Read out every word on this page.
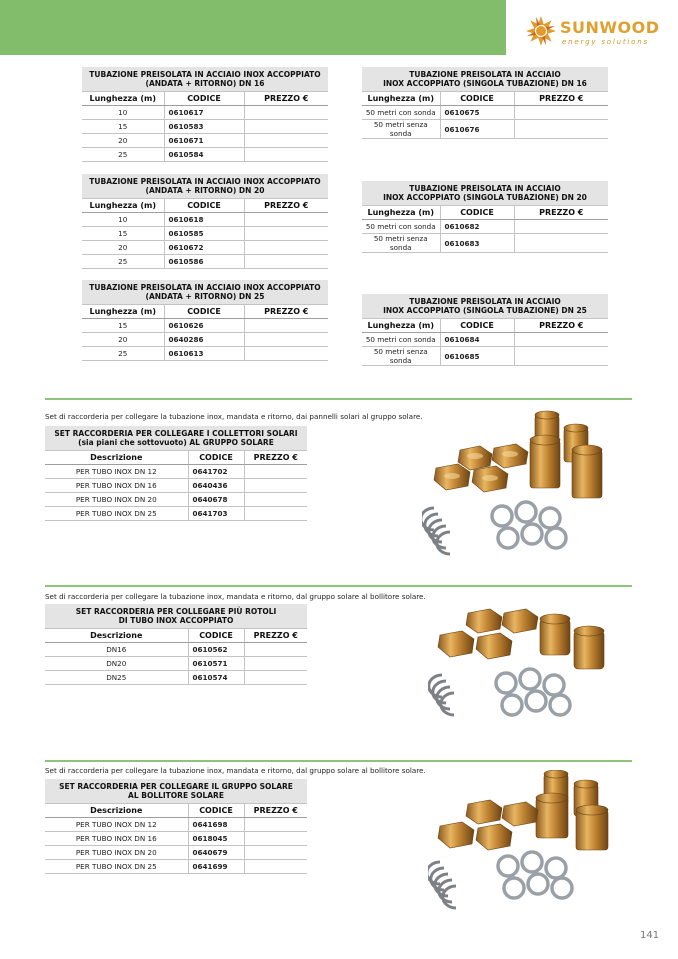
SUNWOOD
energy solutions
TUBAZIONE PREISOLATA IN ACCIAIO INOX ACCOPPIATO
(ANDATA + RITORNO) DN 16		
Lunghezza (m)	CODICE	PREZZO €
10	0610617	
15	0610583	
20	0610671	
25	0610584	
TUBAZIONE PREISOLATA IN ACCIAIO INOX ACCOPPIATO
(ANDATA + RITORNO) DN 20		
Lunghezza (m)	CODICE	PREZZO €
10	0610618	
15	0610585	
20	0610672	
25	0610586	
TUBAZIONE PREISOLATA IN ACCIAIO INOX ACCOPPIATO
(ANDATA + RITORNO) DN 25		
Lunghezza (m)	CODICE	PREZZO €
15	0610626	
20	0640286	
25	0610613	
TUBAZIONE PREISOLATA IN ACCIAIO
INOX ACCOPPIATO (SINGOLA TUBAZIONE) DN 16		
Lunghezza (m)	CODICE	PREZZO €
50 metri con sonda	0610675	
50 metri senza sonda	0610676	
TUBAZIONE PREISOLATA IN ACCIAIO
INOX ACCOPPIATO (SINGOLA TUBAZIONE) DN 20		
Lunghezza (m)	CODICE	PREZZO €
50 metri con sonda	0610682	
50 metri senza sonda	0610683	
TUBAZIONE PREISOLATA IN ACCIAIO
INOX ACCOPPIATO (SINGOLA TUBAZIONE) DN 25		
Lunghezza (m)	CODICE	PREZZO €
50 metri con sonda	0610684	
50 metri senza sonda	0610685	
Set di raccorderia per collegare la tubazione inox, mandata e ritorno, dai pannelli solari al gruppo solare.
SET RACCORDERIA PER COLLEGARE I COLLETTORI SOLARI
(sia piani che sottovuoto) AL GRUPPO SOLARE		
Descrizione	CODICE	PREZZO €
PER TUBO INOX DN 12	0641702	
PER TUBO INOX DN 16	0640436	
PER TUBO INOX DN 20	0640678	
PER TUBO INOX DN 25	0641703	
Set di raccorderia per collegare la tubazione inox, mandata e ritorno, dal gruppo solare al bollitore solare.
SET RACCORDERIA PER COLLEGARE PIÙ ROTOLI
DI TUBO INOX ACCOPPIATO		
Descrizione	CODICE	PREZZO €
DN16	0610562	
DN20	0610571	
DN25	0610574	
Set di raccorderia per collegare la tubazione inox, mandata e ritorno, dal gruppo solare al bollitore solare.
SET RACCORDERIA PER COLLEGARE IL GRUPPO SOLARE
AL BOLLITORE SOLARE		
Descrizione	CODICE	PREZZO €
PER TUBO INOX DN 12	0641698	
PER TUBO INOX DN 16	0618045	
PER TUBO INOX DN 20	0640679	
PER TUBO INOX DN 25	0641699	
141
